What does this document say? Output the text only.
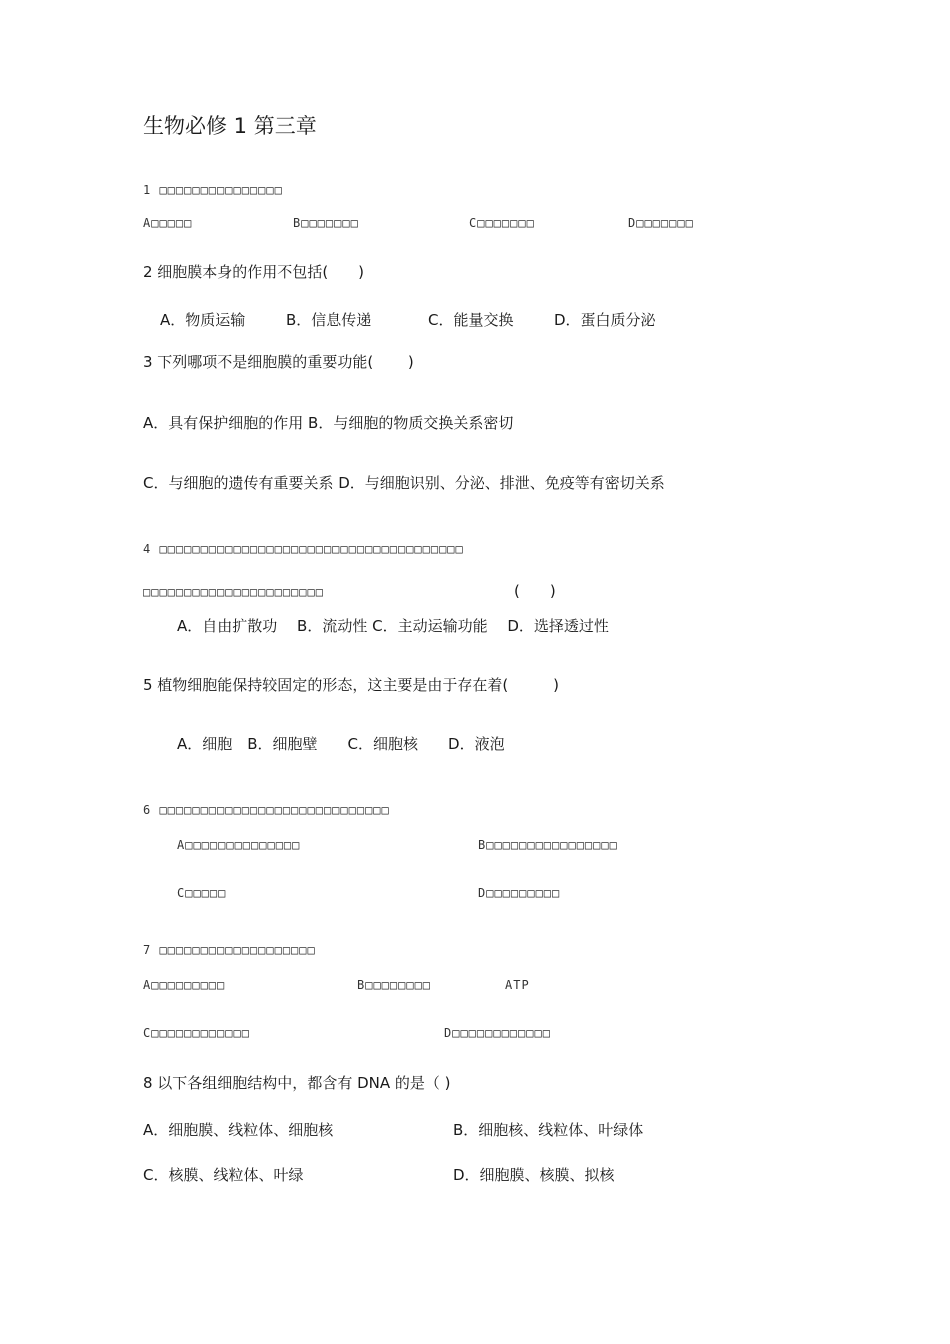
生物必修 1 第三章
1 □□□□□□□□□□□□□□□
A□□□□□	B□□□□□□□	C□□□□□□□	D□□□□□□□
2 细胞膜本身的作用不包括(　　)
A．物质运输	B．信息传递	C．能量交换	D．蛋白质分泌
3 下列哪项不是细胞膜的重要功能(　　 )
A．具有保护细胞的作用 B．与细胞的物质交换关系密切
C．与细胞的遗传有重要关系 D．与细胞识别、分泌、排泄、免疫等有密切关系
4 □□□□□□□□□□□□□□□□□□□□□□□□□□□□□□□□□□□□□
□□□□□□□□□□□□□□□□□□□□□□	(　　)
A．自由扩散功　 B．流动性 C．主动运输功能　 D．选择透过性
5 植物细胞能保持较固定的形态，这主要是由于存在着(　　　)
A．细胞　B．细胞壁　　C．细胞核　　D．液泡
6 □□□□□□□□□□□□□□□□□□□□□□□□□□□□
A□□□□□□□□□□□□□□	B□□□□□□□□□□□□□□□□
C□□□□□	D□□□□□□□□□
7 □□□□□□□□□□□□□□□□□□□
A□□□□□□□□□	B□□□□□□□□	ATP
C□□□□□□□□□□□□	D□□□□□□□□□□□□
8 以下各组细胞结构中，都含有 DNA 的是（ )
A．细胞膜、线粒体、细胞核	B．细胞核、线粒体、叶绿体
C．核膜、线粒体、叶绿	D．细胞膜、核膜、拟核
